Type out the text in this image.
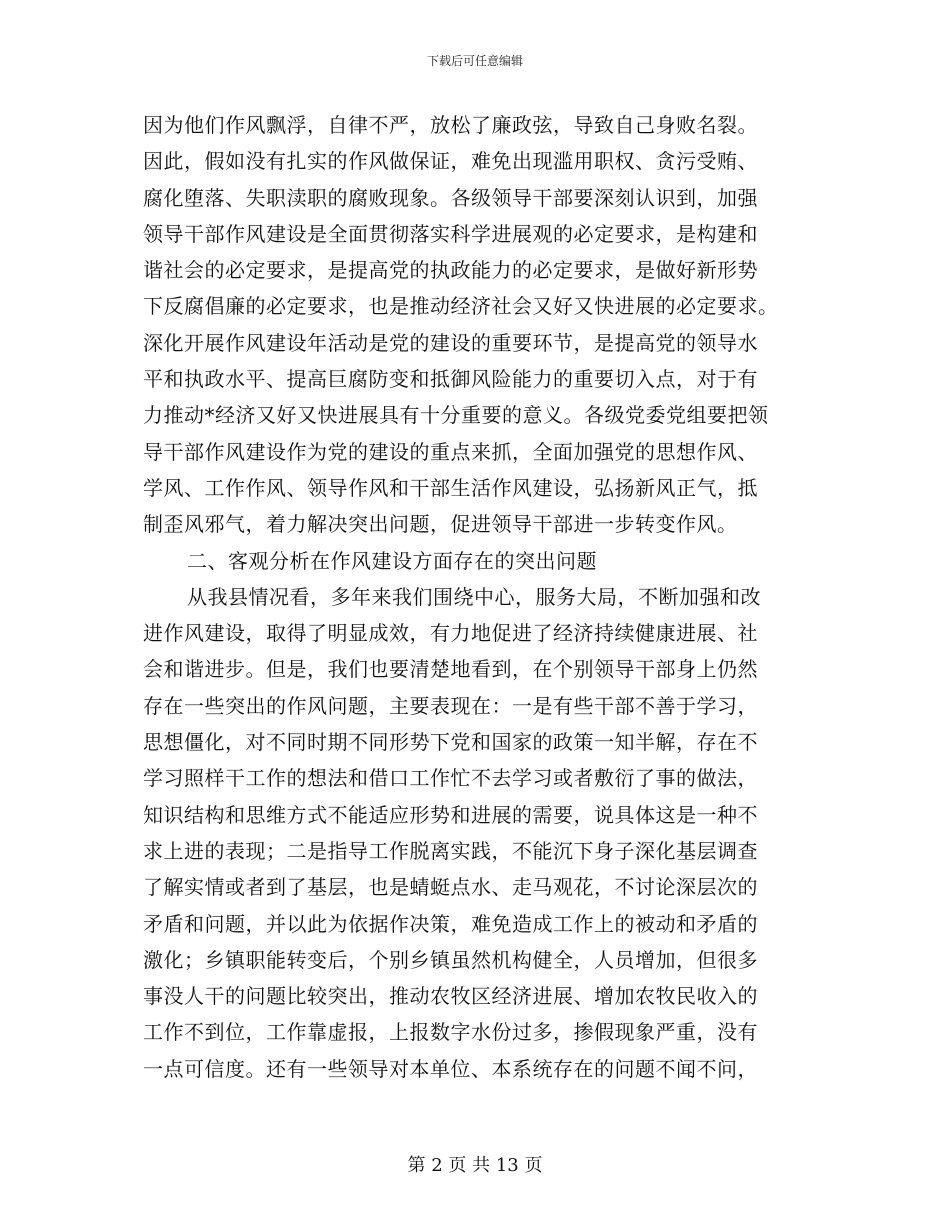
下载后可任意编辑
因为他们作风飘浮，自律不严，放松了廉政弦，导致自己身败名裂。
因此，假如没有扎实的作风做保证，难免出现滥用职权、贪污受贿、
腐化堕落、失职渎职的腐败现象。各级领导干部要深刻认识到，加强
领导干部作风建设是全面贯彻落实科学进展观的必定要求，是构建和
谐社会的必定要求，是提高党的执政能力的必定要求，是做好新形势
下反腐倡廉的必定要求，也是推动经济社会又好又快进展的必定要求。
深化开展作风建设年活动是党的建设的重要环节，是提高党的领导水
平和执政水平、提高巨腐防变和抵御风险能力的重要切入点，对于有
力推动*经济又好又快进展具有十分重要的意义。各级党委党组要把领
导干部作风建设作为党的建设的重点来抓，全面加强党的思想作风、
学风、工作作风、领导作风和干部生活作风建设，弘扬新风正气，抵
制歪风邪气，着力解决突出问题，促进领导干部进一步转变作风。
二、客观分析在作风建设方面存在的突出问题
从我县情况看，多年来我们围绕中心，服务大局，不断加强和改
进作风建设，取得了明显成效，有力地促进了经济持续健康进展、社
会和谐进步。但是，我们也要清楚地看到，在个别领导干部身上仍然
存在一些突出的作风问题，主要表现在：一是有些干部不善于学习，
思想僵化，对不同时期不同形势下党和国家的政策一知半解，存在不
学习照样干工作的想法和借口工作忙不去学习或者敷衍了事的做法，
知识结构和思维方式不能适应形势和进展的需要，说具体这是一种不
求上进的表现；二是指导工作脱离实践，不能沉下身子深化基层调查
了解实情或者到了基层，也是蜻蜓点水、走马观花，不讨论深层次的
矛盾和问题，并以此为依据作决策，难免造成工作上的被动和矛盾的
激化；乡镇职能转变后，个别乡镇虽然机构健全，人员增加，但很多
事没人干的问题比较突出，推动农牧区经济进展、增加农牧民收入的
工作不到位，工作靠虚报，上报数字水份过多，掺假现象严重，没有
一点可信度。还有一些领导对本单位、本系统存在的问题不闻不问，
第 2 页 共 13 页
